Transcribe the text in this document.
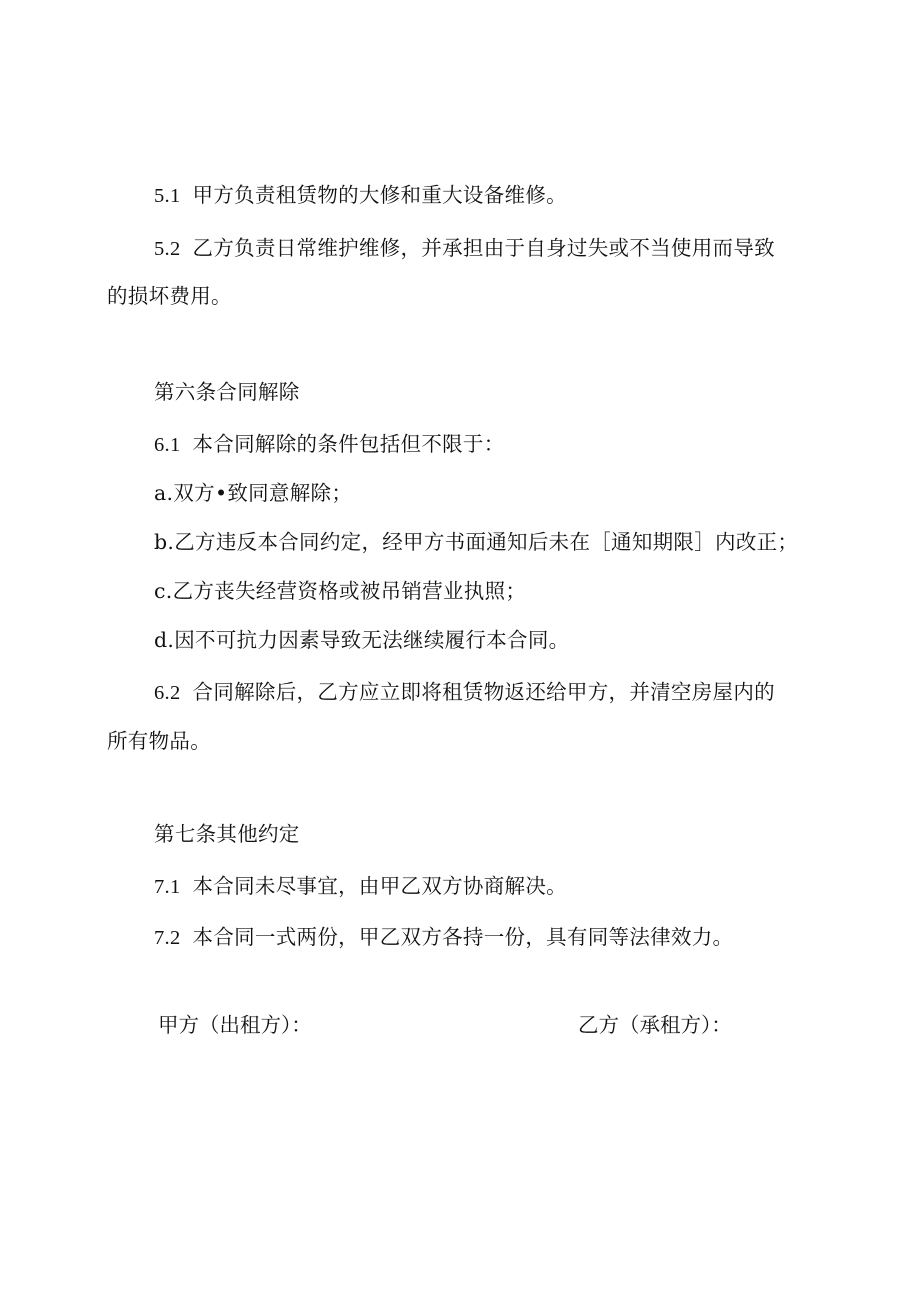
5.1 甲方负责租赁物的大修和重大设备维修。
5.2 乙方负责日常维护维修，并承担由于自身过失或不当使用而导致
的损坏费用。
第六条合同解除
6.1 本合同解除的条件包括但不限于：
a.双方•致同意解除；
b.乙方违反本合同约定，经甲方书面通知后未在［通知期限］内改正；
c.乙方丧失经营资格或被吊销营业执照；
d.因不可抗力因素导致无法继续履行本合同。
6.2 合同解除后，乙方应立即将租赁物返还给甲方，并清空房屋内的
所有物品。
第七条其他约定
7.1 本合同未尽事宜，由甲乙双方协商解决。
7.2 本合同一式两份，甲乙双方各持一份，具有同等法律效力。
甲方（出租方）：	乙方（承租方）：
